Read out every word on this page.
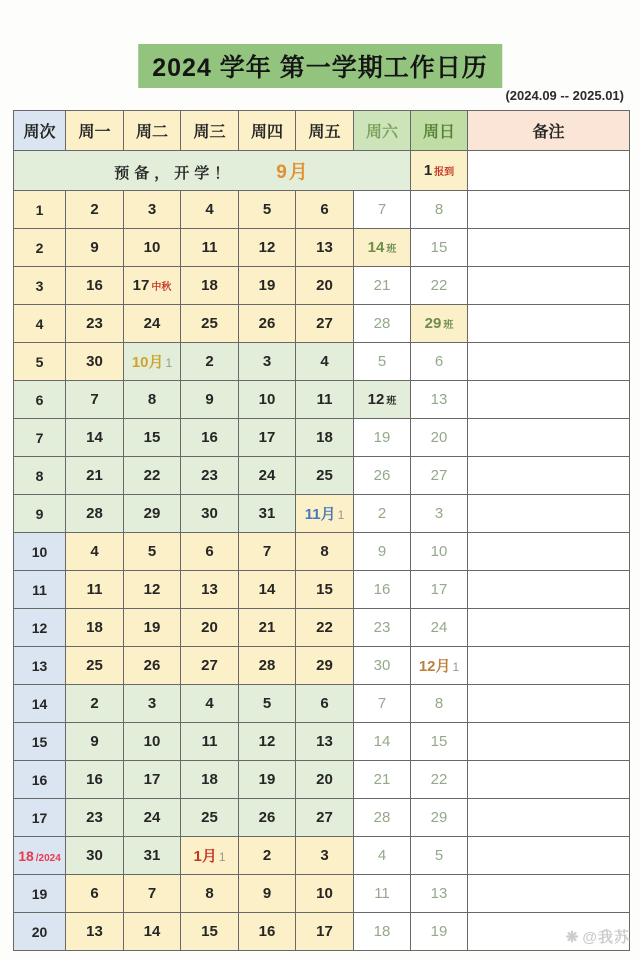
2024 学年 第一学期工作日历
(2024.09 -- 2025.01)
周次	周一	周二	周三	周四	周五	周六	周日	备注
预备，开学！ 9月							1 报到	
1	2	3	4	5	6	7	8	
2	9	10	11	12	13	14 班	15	
3	16	17 中秋	18	19	20	21	22	
4	23	24	25	26	27	28	29 班	
5	30	10月 1	2	3	4	5	6	
6	7	8	9	10	11	12 班	13	
7	14	15	16	17	18	19	20	
8	21	22	23	24	25	26	27	
9	28	29	30	31	11月 1	2	3	
10	4	5	6	7	8	9	10	
11	11	12	13	14	15	16	17	
12	18	19	20	21	22	23	24	
13	25	26	27	28	29	30	12月 1	
14	2	3	4	5	6	7	8	
15	9	10	11	12	13	14	15	
16	16	17	18	19	20	21	22	
17	23	24	25	26	27	28	29	
18 /2024	30	31	1月 1	2	3	4	5	
19	6	7	8	9	10	11	13	
20	13	14	15	16	17	18	19		❋ @我苏
